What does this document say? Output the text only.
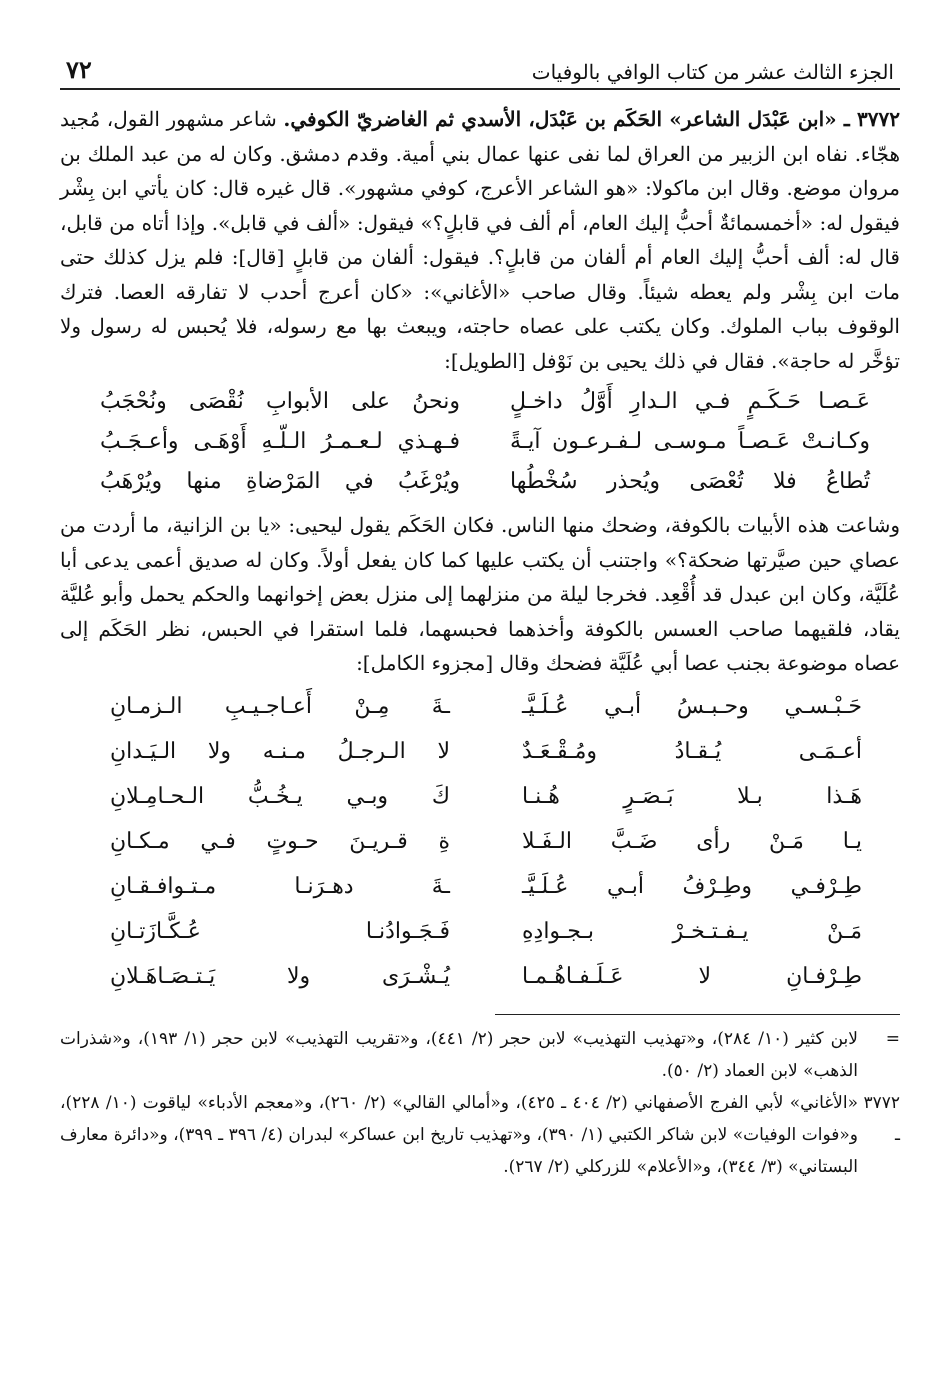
الجزء الثالث عشر من كتاب الوافي بالوفيات
٧٢

٣٧٧٢ ـ «ابن عَبْدَل الشاعر» الحَكَم بن عَبْدَل، الأسدي ثم الغاضريّ الكوفي. شاعر مشهور القول، مُجيد هجّاء. نفاه ابن الزبير من العراق لما نفى عنها عمال بني أمية. وقدم دمشق. وكان له من عبد الملك بن مروان موضع. وقال ابن ماكولا: «هو الشاعر الأعرج، كوفي مشهور». قال غيره قال: كان يأتي ابن بِشْر فيقول له: «أخمسمائةٌ أحبُّ إليك العام، أم ألف في قابلٍ؟» فيقول: «ألف في قابل». وإذا أتاه من قابل، قال له: ألف أحبُّ إليك العام أم ألفان من قابلٍ؟. فيقول: ألفان من قابلٍ [قال]: فلم يزل كذلك حتى مات ابن بِشْر ولم يعطه شيئاً. وقال صاحب «الأغاني»: «كان أعرج أحدب لا تفارقه العصا. فترك الوقوف بباب الملوك. وكان يكتب على عصاه حاجته، ويبعث بها مع رسوله، فلا يُحبس له رسول ولا تؤخَّر له حاجة». فقال في ذلك يحيى بن نَوْفل [الطويل]:

عَـصـا حَـكَـمٍ فـي الـدارِ أَوَّلُ داخـلٍ
ونحنُ على الأبوابِ نُقْصَى ونُحْجَبُ
وكـانـتْ عَـصـاً مـوسـى لـفـرعـون آيـةً
فـهـذي لـعـمـرُ الـلّـهِ أَوْهَـى وأعـجَـبُ
تُطاعُ فلا تُعْصَى ويُحذر سُخْطُها
ويُرْغَبُ في المَرْضاةِ منها ويُرْهَبُ

وشاعت هذه الأبيات بالكوفة، وضحك منها الناس. فكان الحَكَم يقول ليحيى: «يا بن الزانية، ما أردت من عصاي حين صيَّرتها ضحكة؟» واجتنب أن يكتب عليها كما كان يفعل أولاً. وكان له صديق أعمى يدعى أبا عُلَيَّة، وكان ابن عبدل قد أُقْعِد. فخرجا ليلة من منزلهما إلى منزل بعض إخوانهما والحكم يحمل وأبو عُليَّة يقاد، فلقيهما صاحب العسس بالكوفة وأخذهما فحبسهما، فلما استقرا في الحبس، نظر الحَكَم إلى عصاه موضوعة بجنب عصا أبي عُلَيَّة فضحك وقال [مجزوء الكامل]:

حَـبْـسـي وحـبـسُ أبـي عُـلَـيَّـ
ـةَ مِـنْ أَعـاجـيـبِ الـزمـانِ
أعـمَـى يُـقـادُ ومُـقْـعَـدٌ
لا الـرجـلُ مـنـه ولا الـيَـدانِ
هَـذا بـلا بَـصَـرٍ هُـنـا
كَ وبـي يـخُـبُّ الـحـامِـلانِ
يـا مَـنْ رأى ضَـبَّ الـفَـلا
ةِ قـريـنَ حـوتٍ فـي مـكـانِ
طِـرْفـي وطِـرْفُ أبـي عُـلَـيَّـ
ـةَ دهـرَنـا مـتـوافـقـانِ
مَـنْ يـفـتـخـرْ بـجـوادِهِ
فَـجَـوادُنـا عُـكَّـازَتـانِ
طِـرْفـانِ لا عَـلَـفـاهُـمـا
يُـشْـرَى ولا يَـتـصَـاهَـلانِ
=

لابن كثير (١٠/ ٢٨٤)، و«تهذيب التهذيب» لابن حجر (٢/ ٤٤١)، و«تقريب التهذيب» لابن حجر (١/ ١٩٣)، و«شذرات الذهب» لابن العماد (٢/ ٥٠).

٣٧٧٢ ـ

«الأغاني» لأبي الفرج الأصفهاني (٢/ ٤٠٤ ـ ٤٢٥)، و«أمالي القالي» (٢/ ٢٦٠)، و«معجم الأدباء» لياقوت (١٠/ ٢٢٨)، و«فوات الوفيات» لابن شاكر الكتبي (١/ ٣٩٠)، و«تهذيب تاريخ ابن عساكر» لبدران (٤/ ٣٩٦ ـ ٣٩٩)، و«دائرة معارف البستاني» (٣/ ٣٤٤)، و«الأعلام» للزركلي (٢/ ٢٦٧).
